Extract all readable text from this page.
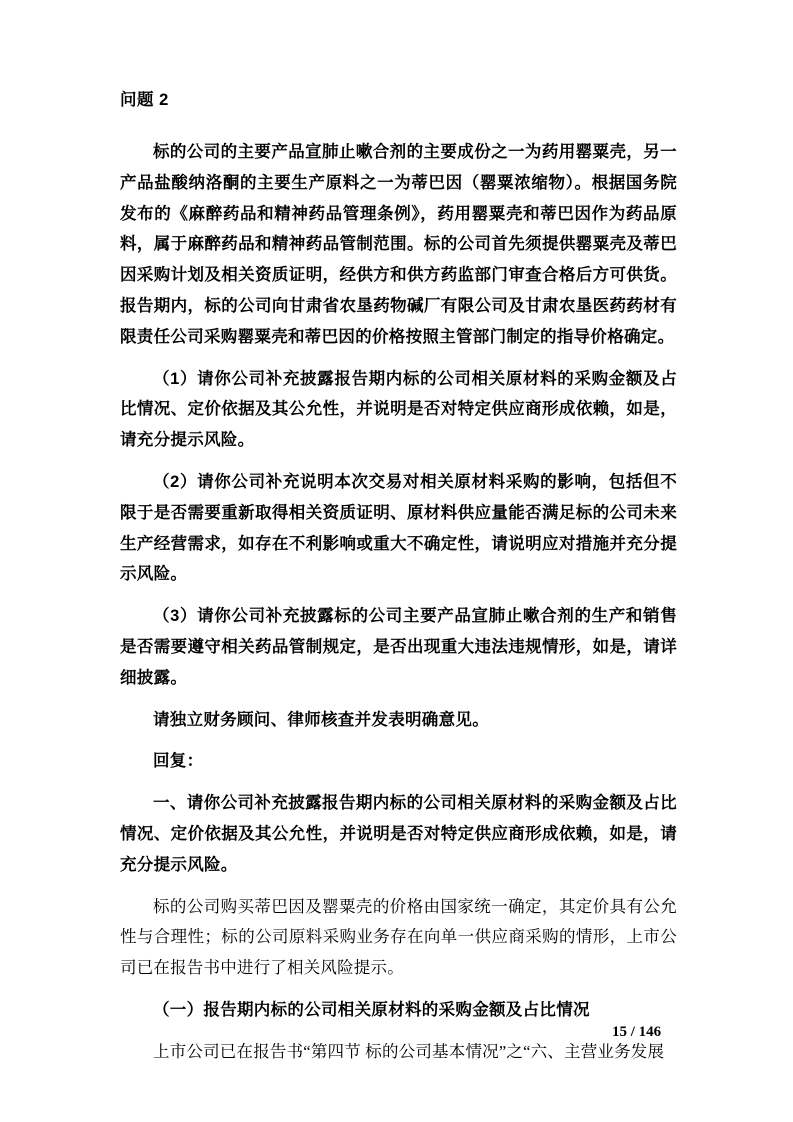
问题 2

标的公司的主要产品宣肺止嗽合剂的主要成份之一为药用罂粟壳，另一产品盐酸纳洛酮的主要生产原料之一为蒂巴因（罂粟浓缩物）。根据国务院发布的《麻醉药品和精神药品管理条例》，药用罂粟壳和蒂巴因作为药品原料，属于麻醉药品和精神药品管制范围。标的公司首先须提供罂粟壳及蒂巴因采购计划及相关资质证明，经供方和供方药监部门审查合格后方可供货。报告期内，标的公司向甘肃省农垦药物碱厂有限公司及甘肃农垦医药药材有限责任公司采购罂粟壳和蒂巴因的价格按照主管部门制定的指导价格确定。

（1）请你公司补充披露报告期内标的公司相关原材料的采购金额及占比情况、定价依据及其公允性，并说明是否对特定供应商形成依赖，如是，请充分提示风险。

（2）请你公司补充说明本次交易对相关原材料采购的影响，包括但不限于是否需要重新取得相关资质证明、原材料供应量能否满足标的公司未来生产经营需求，如存在不利影响或重大不确定性，请说明应对措施并充分提示风险。

（3）请你公司补充披露标的公司主要产品宣肺止嗽合剂的生产和销售是否需要遵守相关药品管制规定，是否出现重大违法违规情形，如是，请详细披露。

请独立财务顾问、律师核查并发表明确意见。

回复：

一、请你公司补充披露报告期内标的公司相关原材料的采购金额及占比情况、定价依据及其公允性，并说明是否对特定供应商形成依赖，如是，请充分提示风险。

标的公司购买蒂巴因及罂粟壳的价格由国家统一确定，其定价具有公允性与合理性；标的公司原料采购业务存在向单一供应商采购的情形，上市公司已在报告书中进行了相关风险提示。

（一）报告期内标的公司相关原材料的采购金额及占比情况

上市公司已在报告书“第四节 标的公司基本情况”之“六、主营业务发展

15 / 146
